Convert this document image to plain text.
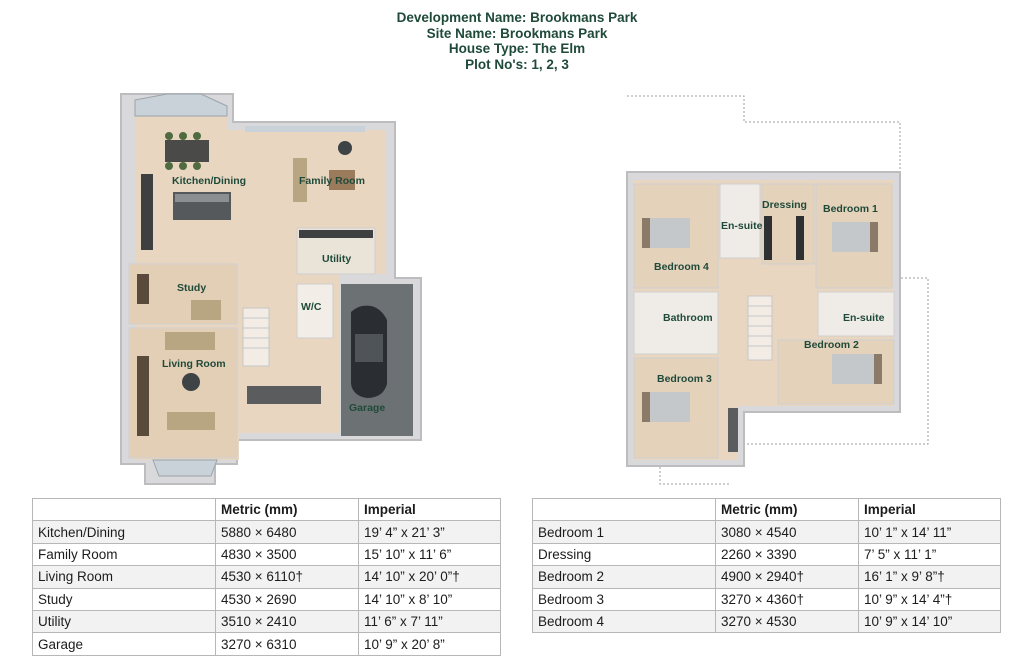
Development Name: Brookmans Park
Site Name: Brookmans Park
House Type: The Elm
Plot No's: 1, 2, 3
Kitchen/Dining	Family Room
Utility
Study
W/C
Living Room
Garage
Dressing Bedroom 1
En-suite
Bedroom 4
Bathroom	En-suite
Bedroom 2
Bedroom 3
	Metric (mm)	Imperial
Kitchen/Dining	5880 × 6480	19’ 4” x 21’ 3”
Family Room	4830 × 3500	15’ 10” x 11’ 6”
Living Room	4530 × 6110†	14’ 10” x 20’ 0”†
Study	4530 × 2690	14’ 10” x 8’ 10”
Utility	3510 × 2410	11’ 6” x 7’ 11”
Garage	3270 × 6310	10’ 9” x 20’ 8”
	Metric (mm)	Imperial
Bedroom 1	3080 × 4540	10’ 1” x 14’ 11”
Dressing	2260 × 3390	7’ 5” x 11’ 1”
Bedroom 2	4900 × 2940†	16’ 1” x 9’ 8”†
Bedroom 3	3270 × 4360†	10’ 9” x 14’ 4”†
Bedroom 4	3270 × 4530	10’ 9” x 14’ 10”
